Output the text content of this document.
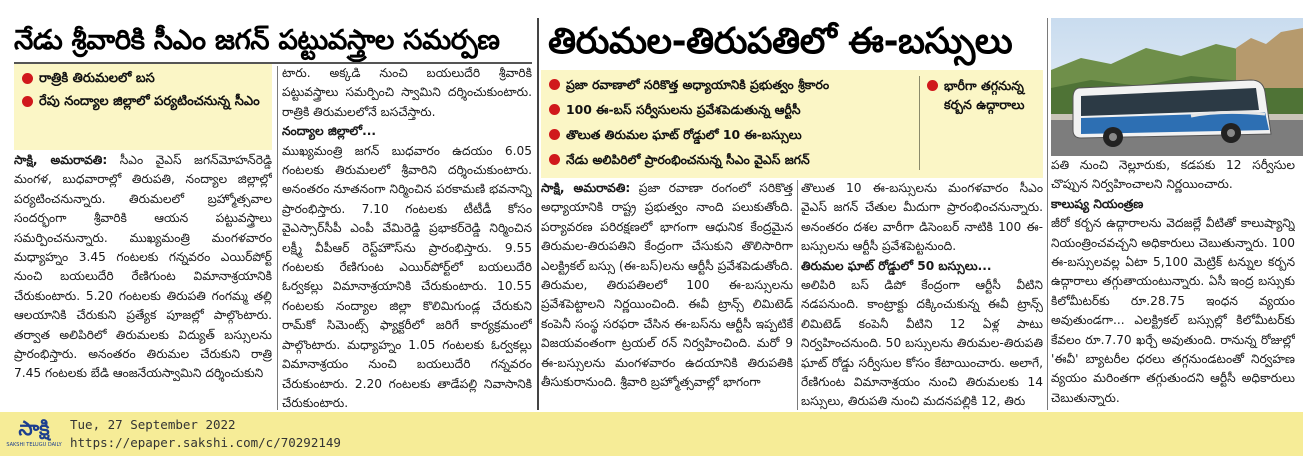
నేడు శ్రీవారికి సీఎం జగన్ పట్టువస్త్రాల సమర్పణ
రాత్రికి తిరుమలలో బస
రేపు నంద్యాల జిల్లాలో పర్యటించనున్న సీఎం

సాక్షి, అమరావతి: సీఎం వైఎస్ జగన్‌మోహన్‌రెడ్డి మంగళ, బుధవారాల్లో తిరుపతి, నంద్యాల జిల్లాల్లో పర్యటించనున్నారు. తిరుమలలో బ్రహ్మోత్సవాల సందర్భంగా శ్రీవారికి ఆయన పట్టువస్త్రాలు సమర్పించనున్నారు. ముఖ్యమంత్రి మంగళవారం మధ్యాహ్నం 3.45 గంటలకు గన్నవరం ఎయిర్‌పోర్ట్ నుంచి బయలుదేరి రేణిగుంట విమానాశ్రయానికి చేరుకుంటారు. 5.20 గంటలకు తిరుపతి గంగమ్మ తల్లి ఆలయానికి చేరుకుని ప్రత్యేక పూజల్లో పాల్గొంటారు. తర్వాత అలిపిరిలో తిరుమలకు విద్యుత్ బస్సులను ప్రారంభిస్తారు. అనంతరం తిరుమల చేరుకుని రాత్రి 7.45 గంటలకు బేడి ఆంజనేయస్వామిని దర్శించుకుని

టారు. అక్కడి నుంచి బయలుదేరి శ్రీవారికి పట్టువస్త్రాలు సమర్పించి స్వామిని దర్శించుకుంటారు. రాత్రికి తిరుమలలోనే బసచేస్తారు.

నంద్యాల జిల్లాలో...

ముఖ్యమంత్రి జగన్ బుధవారం ఉదయం 6.05 గంటలకు తిరుమలలో శ్రీవారిని దర్శించుకుంటారు. అనంతరం నూతనంగా నిర్మించిన పరకామణి భవనాన్ని ప్రారంభిస్తారు. 7.10 గంటలకు టీటీడీ కోసం వైఎస్సార్‌సీపీ ఎంపీ వేమిరెడ్డి ప్రభాకర్‌రెడ్డి నిర్మించిన లక్ష్మీ వీపీఆర్ రెస్ట్‌హౌస్‌ను ప్రారంభిస్తారు. 9.55 గంటలకు రేణిగుంట ఎయిర్‌పోర్ట్‌లో బయలుదేరి ఓర్వకల్లు విమానాశ్రయానికి చేరుకుంటారు. 10.55 గంటలకు నంద్యాల జిల్లా కొలిమిగుండ్ల చేరుకుని రామ్‌కో సిమెంట్స్ ఫ్యాక్టరీలో జరిగే కార్యక్రమంలో పాల్గొంటారు. మధ్యాహ్నం 1.05 గంటలకు ఓర్వకల్లు విమానాశ్రయం నుంచి బయలుదేరి గన్నవరం చేరుకుంటారు. 2.20 గంటలకు తాడేపల్లి నివాసానికి చేరుకుంటారు.

తిరుమల-తిరుపతిలో ఈ-బస్సులు
ప్రజా రవాణాలో సరికొత్త అధ్యాయానికి ప్రభుత్వం శ్రీకారం
100 ఈ-బస్ సర్వీసులను ప్రవేశపెడుతున్న ఆర్టీసీ
తొలుత తిరుమల ఘాట్ రోడ్డులో 10 ఈ-బస్సులు
నేడు అలిపిరిలో ప్రారంభించనున్న సీఎం వైఎస్ జగన్
భారీగా తగ్గనున్న కర్బన ఉద్గారాలు

సాక్షి, అమరావతి: ప్రజా రవాణా రంగంలో సరికొత్త అధ్యాయానికి రాష్ట్ర ప్రభుత్వం నాంది పలుకుతోంది. పర్యావరణ పరిరక్షణలో భాగంగా ఆధునిక కేంద్రమైన తిరుమల-తిరుపతిని కేంద్రంగా చేసుకుని తొలిసారిగా ఎలక్ట్రికల్ బస్సు (ఈ-బస్)లను ఆర్టీసీ ప్రవేశపెడుతోంది. తిరుమల, తిరుపతిలలో 100 ఈ-బస్సులను ప్రవేశపెట్టాలని నిర్ణయించింది. ఈవీ ట్రాన్స్ లిమిటెడ్ కంపెనీ సంస్థ సరఫరా చేసిన ఈ-బస్‌ను ఆర్టీసీ ఇప్పటికే విజయవంతంగా ట్రయల్ రన్ నిర్వహించింది. మరో 9 ఈ-బస్సులను మంగళవారం ఉదయానికి తిరుపతికి తీసుకురానుంది. శ్రీవారి బ్రహ్మోత్సవాల్లో భాగంగా

తొలుత 10 ఈ-బస్సులను మంగళవారం సీఎం వైఎస్ జగన్ చేతుల మీదుగా ప్రారంభించనున్నారు. అనంతరం దశల వారీగా డిసెంబర్ నాటికి 100 ఈ-బస్సులను ఆర్టీసీ ప్రవేశపెట్టనుంది.

తిరుమల ఘాట్ రోడ్డులో 50 బస్సులు...

అలిపిరి బస్ డిపో కేంద్రంగా ఆర్టీసీ వీటిని నడపనుంది. కాంట్రాక్టు దక్కించుకున్న ఈవీ ట్రాన్స్ లిమిటెడ్ కంపెనీ వీటిని 12 ఏళ్ల పాటు నిర్వహించనుంది. 50 బస్సులను తిరుమల-తిరుపతి ఘాట్ రోడ్డు సర్వీసుల కోసం కేటాయించారు. అలాగే, రేణిగుంట విమానాశ్రయం నుంచి తిరుమలకు 14 బస్సులు, తిరుపతి నుంచి మదనపల్లికి 12, తిరు

పతి నుంచి నెల్లూరుకు, కడపకు 12 సర్వీసుల చొప్పున నిర్వహించాలని నిర్ణయించారు.

కాలుష్య నియంత్రణ

జీరో కర్బన ఉద్గారాలను వెదజల్లే వీటితో కాలుష్యాన్ని నియంత్రించవచ్చని అధికారులు చెబుతున్నారు. 100 ఈ-బస్సులవల్ల ఏటా 5,100 మెట్రిక్ టన్నుల కర్బన ఉద్గారాలు తగ్గుతాయంటున్నారు. ఏసీ ఇంద్ర బస్సుకు కిలోమీటర్‌కు రూ.28.75 ఇంధన వ్యయం అవుతుండగా... ఎలక్ట్రికల్ బస్సుల్లో కిలోమీటర్‌కు కేవలం రూ.7.70 ఖర్చే అవుతుంది. రానున్న రోజుల్లో 'ఈవీ' బ్యాటరీల ధరలు తగ్గనుండటంతో నిర్వహణ వ్యయం మరింతగా తగ్గుతుందని ఆర్టీసీ అధికారులు చెబుతున్నారు.

సాక్షి
SAKSHI TELUGU DAILY
Tue, 27 September 2022
https://epaper.sakshi.com/c/70292149
